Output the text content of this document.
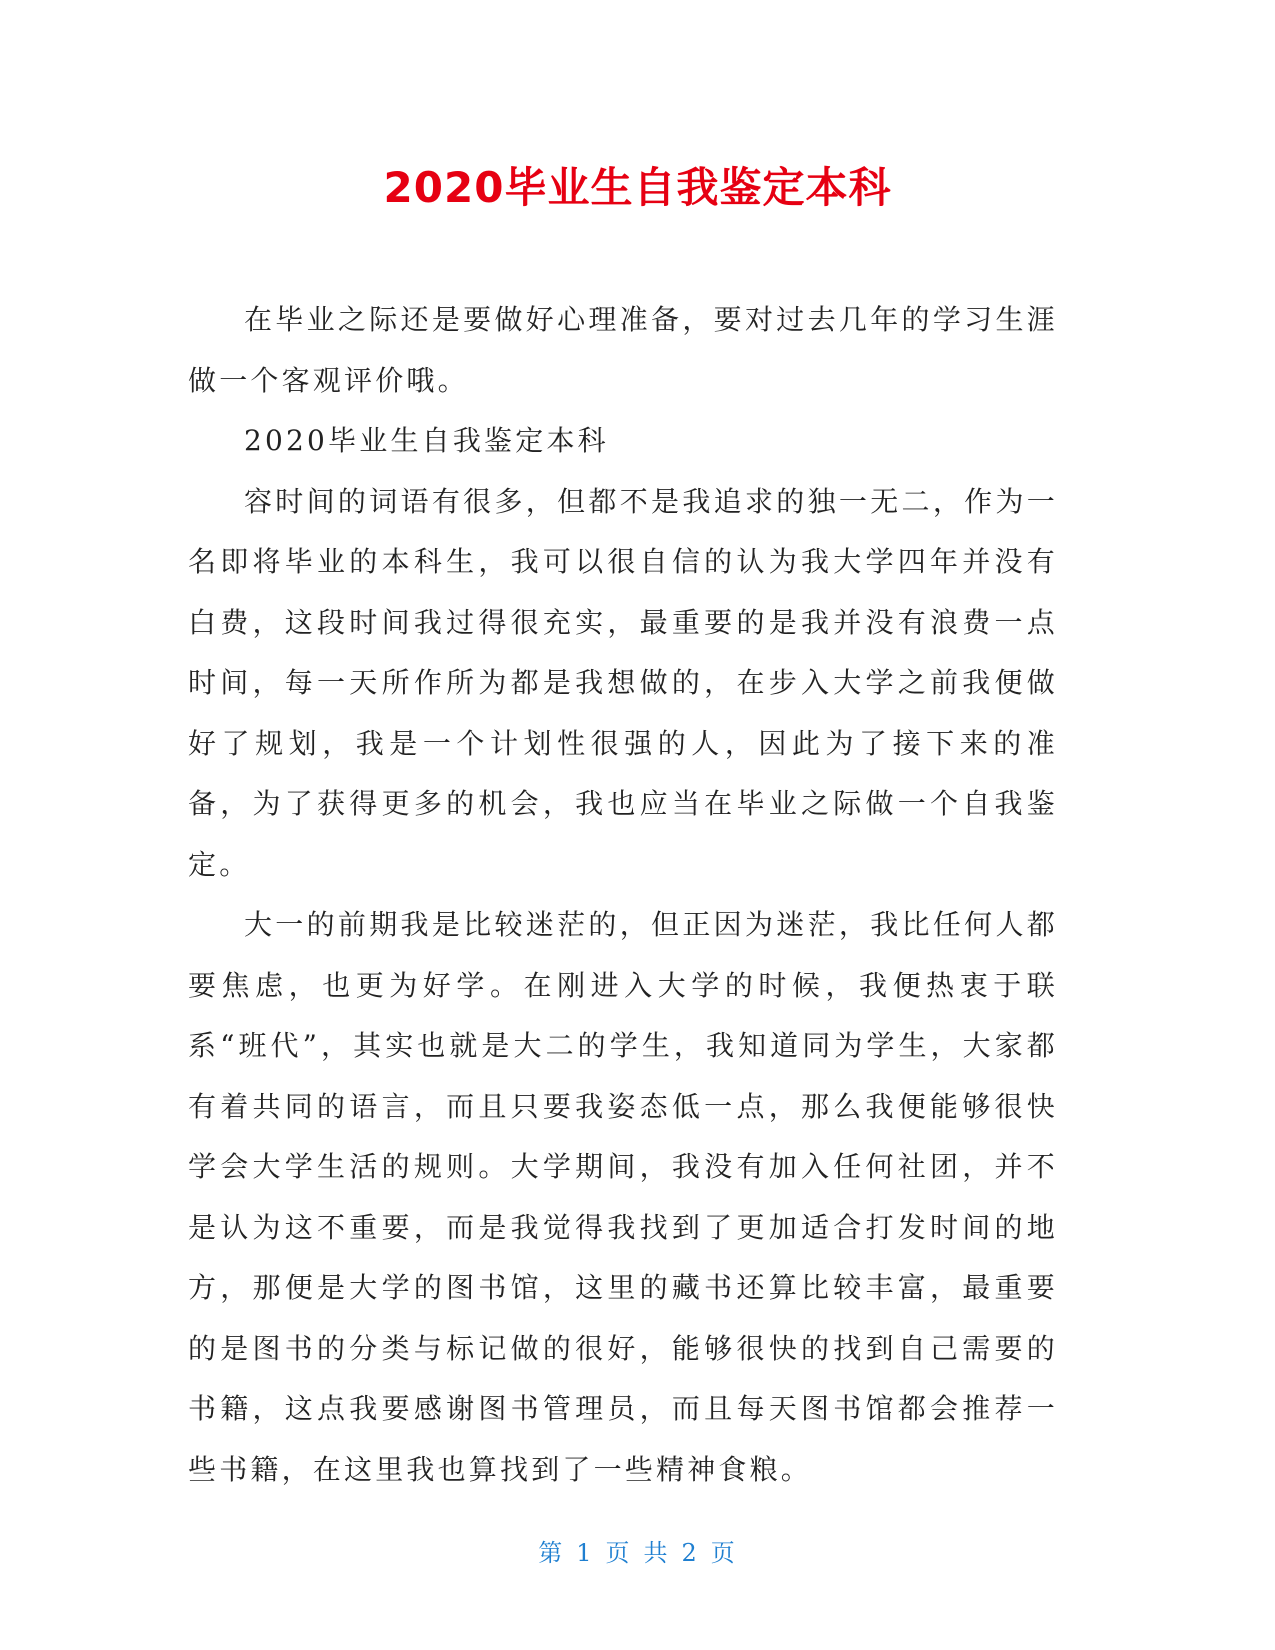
2020毕业生自我鉴定本科

在毕业之际还是要做好心理准备，要对过去几年的学习生涯做一个客观评价哦。

2020毕业生自我鉴定本科

容时间的词语有很多，但都不是我追求的独一无二，作为一名即将毕业的本科生，我可以很自信的认为我大学四年并没有白费，这段时间我过得很充实，最重要的是我并没有浪费一点时间，每一天所作所为都是我想做的，在步入大学之前我便做好了规划，我是一个计划性很强的人，因此为了接下来的准备，为了获得更多的机会，我也应当在毕业之际做一个自我鉴定。

大一的前期我是比较迷茫的，但正因为迷茫，我比任何人都要焦虑，也更为好学。在刚进入大学的时候，我便热衷于联系“班代”，其实也就是大二的学生，我知道同为学生，大家都有着共同的语言，而且只要我姿态低一点，那么我便能够很快学会大学生活的规则。大学期间，我没有加入任何社团，并不是认为这不重要，而是我觉得我找到了更加适合打发时间的地方，那便是大学的图书馆，这里的藏书还算比较丰富，最重要的是图书的分类与标记做的很好，能够很快的找到自己需要的书籍，这点我要感谢图书管理员，而且每天图书馆都会推荐一些书籍，在这里我也算找到了一些精神食粮。

第 1 页 共 2 页
